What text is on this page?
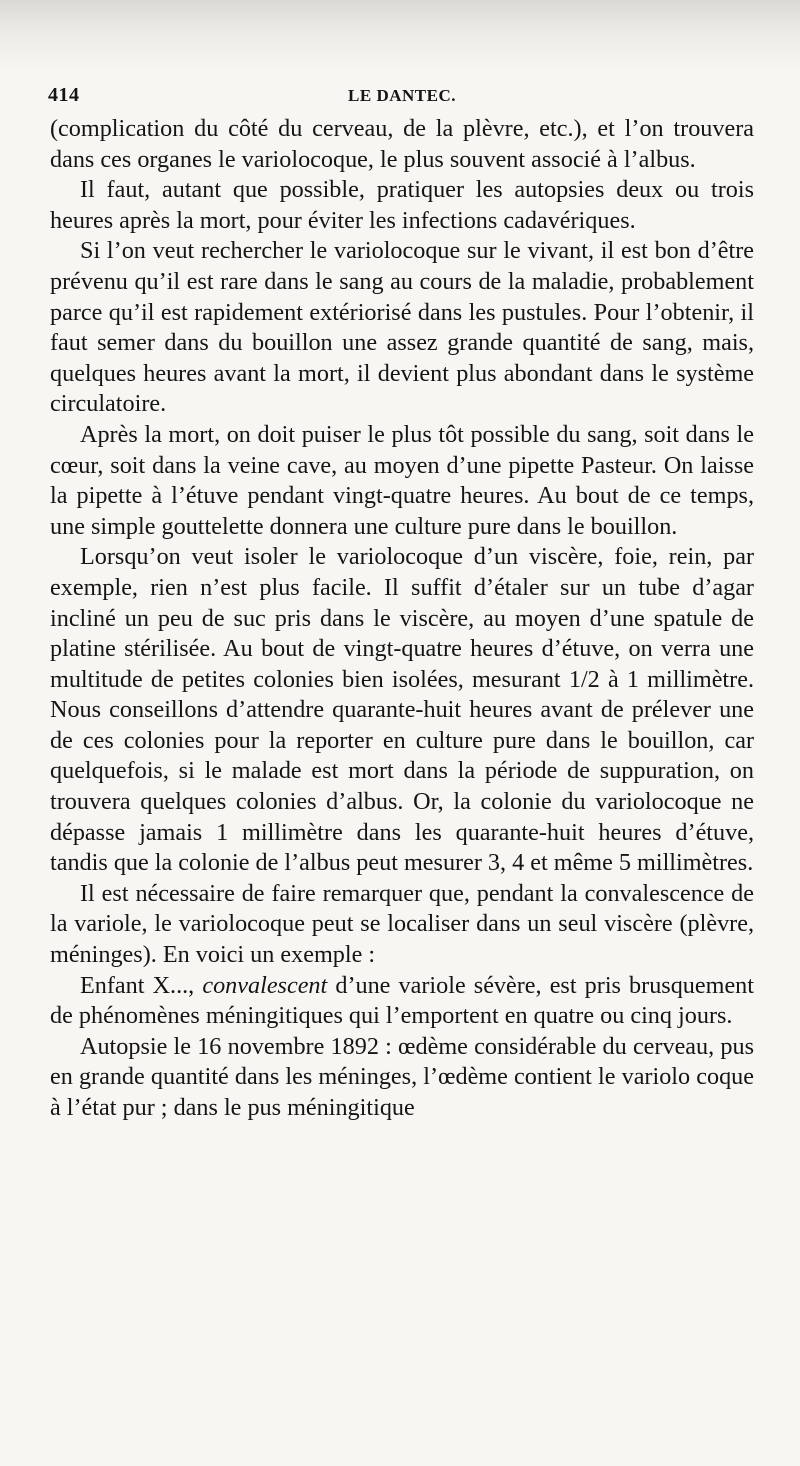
414	LE DANTEC.

(complication du côté du cerveau, de la plèvre, etc.), et l’on trouvera dans ces organes le variolocoque, le plus souvent associé à l’albus.

Il faut, autant que possible, pratiquer les autopsies deux ou trois heures après la mort, pour éviter les infections cadavériques.

Si l’on veut rechercher le variolocoque sur le vivant, il est bon d’être prévenu qu’il est rare dans le sang au cours de la maladie, probablement parce qu’il est rapidement extériorisé dans les pustules. Pour l’obtenir, il faut semer dans du bouillon une assez grande quantité de sang, mais, quelques heures avant la mort, il devient plus abondant dans le système circulatoire.

Après la mort, on doit puiser le plus tôt possible du sang, soit dans le cœur, soit dans la veine cave, au moyen d’une pipette Pasteur. On laisse la pipette à l’étuve pendant vingt-quatre heures. Au bout de ce temps, une simple gouttelette donnera une culture pure dans le bouillon.

Lorsqu’on veut isoler le variolocoque d’un viscère, foie, rein, par exemple, rien n’est plus facile. Il suffit d’étaler sur un tube d’agar incliné un peu de suc pris dans le viscère, au moyen d’une spatule de platine stérilisée. Au bout de vingt-quatre heures d’étuve, on verra une multitude de petites colonies bien isolées, mesurant 1/2 à 1 millimètre. Nous conseillons d’attendre quarante-huit heures avant de prélever une de ces colonies pour la reporter en culture pure dans le bouillon, car quelquefois, si le malade est mort dans la période de suppuration, on trouvera quelques colonies d’albus. Or, la colonie du variolocoque ne dépasse jamais 1 millimètre dans les quarante-huit heures d’étuve, tandis que la colonie de l’albus peut mesurer 3, 4 et même 5 millimètres.

Il est nécessaire de faire remarquer que, pendant la convalescence de la variole, le variolocoque peut se localiser dans un seul viscère (plèvre, méninges). En voici un exemple :

Enfant X..., convalescent d’une variole sévère, est pris brusquement de phénomènes méningitiques qui l’emportent en quatre ou cinq jours.

Autopsie le 16 novembre 1892 : œdème considérable du cerveau, pus en grande quantité dans les méninges, l’œdème contient le variolo coque à l’état pur ; dans le pus méningitique
